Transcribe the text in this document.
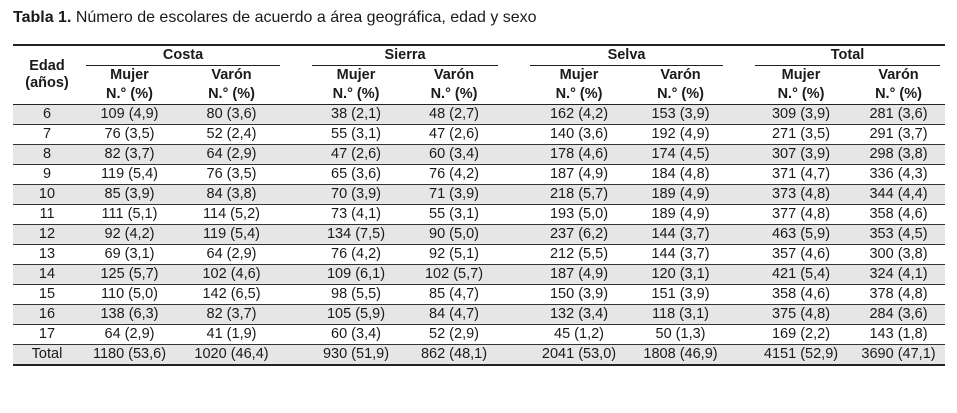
Tabla 1. Número de escolares de acuerdo a área geográfica, edad y sexo
Edad
(años)	Costa			Sierra			Selva			Total	

	Mujer	Varón		Mujer	Varón		Mujer	Varón		Mujer	Varón
	N.° (%)	N.° (%)		N.° (%)	N.° (%)		N.° (%)	N.° (%)		N.° (%)	N.° (%)
6	109 (4,9)	80 (3,6)		38 (2,1)	48 (2,7)		162 (4,2)	153 (3,9)		309 (3,9)	281 (3,6)
7	76 (3,5)	52 (2,4)		55 (3,1)	47 (2,6)		140 (3,6)	192 (4,9)		271 (3,5)	291 (3,7)
8	82 (3,7)	64 (2,9)		47 (2,6)	60 (3,4)		178 (4,6)	174 (4,5)		307 (3,9)	298 (3,8)
9	119 (5,4)	76 (3,5)		65 (3,6)	76 (4,2)		187 (4,9)	184 (4,8)		371 (4,7)	336 (4,3)
10	85 (3,9)	84 (3,8)		70 (3,9)	71 (3,9)		218 (5,7)	189 (4,9)		373 (4,8)	344 (4,4)
11	111 (5,1)	114 (5,2)		73 (4,1)	55 (3,1)		193 (5,0)	189 (4,9)		377 (4,8)	358 (4,6)
12	92 (4,2)	119 (5,4)		134 (7,5)	90 (5,0)		237 (6,2)	144 (3,7)		463 (5,9)	353 (4,5)
13	69 (3,1)	64 (2,9)		76 (4,2)	92 (5,1)		212 (5,5)	144 (3,7)		357 (4,6)	300 (3,8)
14	125 (5,7)	102 (4,6)		109 (6,1)	102 (5,7)		187 (4,9)	120 (3,1)		421 (5,4)	324 (4,1)
15	110 (5,0)	142 (6,5)		98 (5,5)	85 (4,7)		150 (3,9)	151 (3,9)		358 (4,6)	378 (4,8)
16	138 (6,3)	82 (3,7)		105 (5,9)	84 (4,7)		132 (3,4)	118 (3,1)		375 (4,8)	284 (3,6)
17	64 (2,9)	41 (1,9)		60 (3,4)	52 (2,9)		45 (1,2)	50 (1,3)		169 (2,2)	143 (1,8)
Total	1180 (53,6)	1020 (46,4)		930 (51,9)	862 (48,1)		2041 (53,0)	1808 (46,9)		4151 (52,9)	3690 (47,1)
